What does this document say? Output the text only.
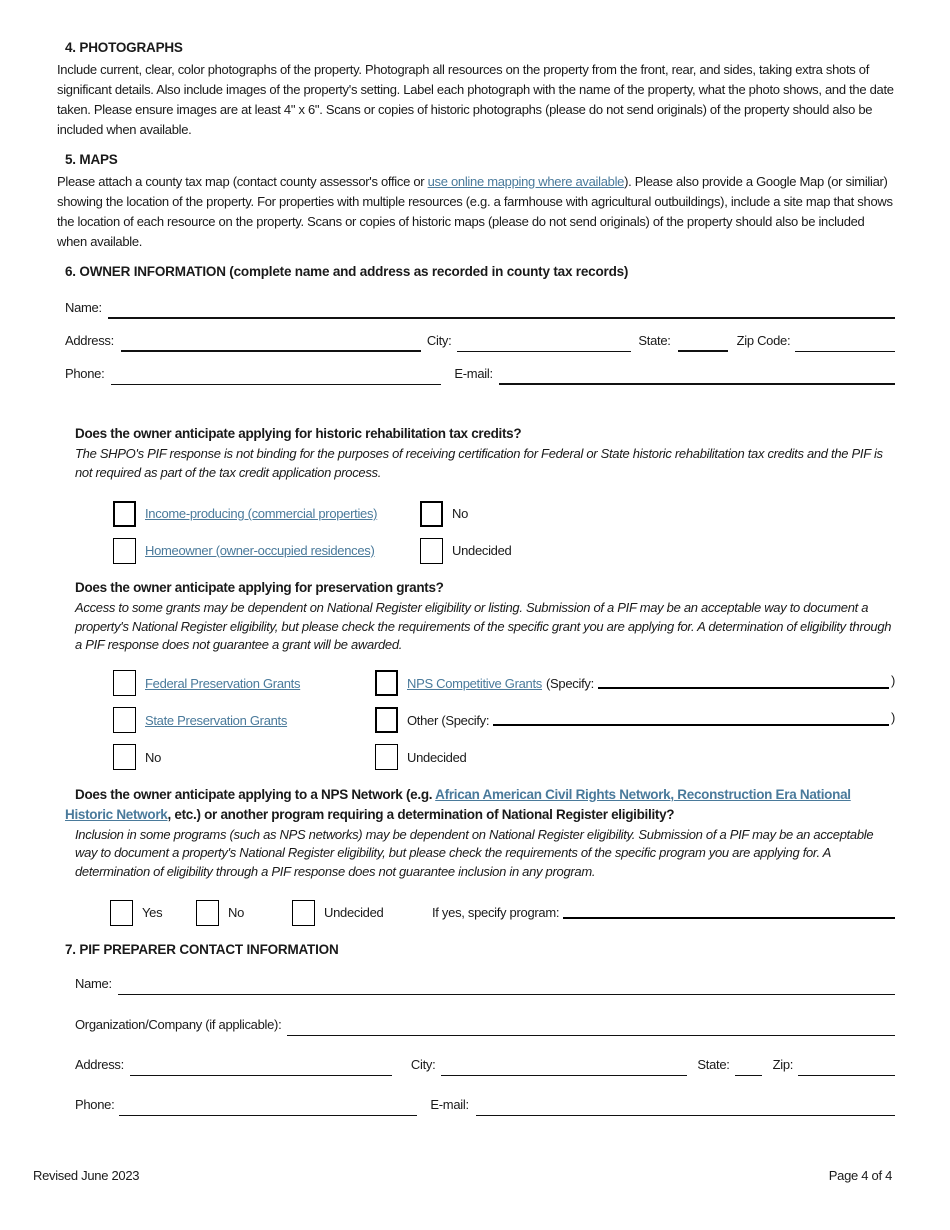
4. PHOTOGRAPHS
Include current, clear, color photographs of the property. Photograph all resources on the property from the front, rear, and sides, taking extra shots of significant details. Also include images of the property's setting. Label each photograph with the name of the property, what the photo shows, and the date taken. Please ensure images are at least 4" x 6". Scans or copies of historic photographs (please do not send originals) of the property should also be included when available.
5. MAPS
Please attach a county tax map (contact county assessor's office or use online mapping where available). Please also provide a Google Map (or similiar) showing the location of the property. For properties with multiple resources (e.g. a farmhouse with agricultural outbuildings), include a site map that shows the location of each resource on the property. Scans or copies of historic maps (please do not send originals) of the property should also be included when available.
6. OWNER INFORMATION (complete name and address as recorded in county tax records)
Name:
Address:	City:	State:	Zip Code:
Phone:	E-mail:
Does the owner anticipate applying for historic rehabilitation tax credits?
The SHPO's PIF response is not binding for the purposes of receiving certification for Federal or State historic rehabilitation tax credits and the PIF is not required as part of the tax credit application process.
Income-producing (commercial properties)	No
Homeowner (owner-occupied residences)	Undecided
Does the owner anticipate applying for preservation grants?
Access to some grants may be dependent on National Register eligibility or listing. Submission of a PIF may be an acceptable way to document a property's National Register eligibility, but please check the requirements of the specific grant you are applying for. A determination of eligibility through a PIF response does not guarantee a grant will be awarded.
Federal Preservation Grants	NPS Competitive Grants (Specify:	)
State Preservation Grants	Other (Specify:	)
No	Undecided
Does the owner anticipate applying to a NPS Network (e.g. African American Civil Rights Network, Reconstruction Era National Historic Network, etc.) or another program requiring a determination of National Register eligibility?
Inclusion in some programs (such as NPS networks) may be dependent on National Register eligibility. Submission of a PIF may be an acceptable way to document a property's National Register eligibility, but please check the requirements of the specific program you are applying for. A determination of eligibility through a PIF response does not guarantee inclusion in any program.
Yes	No	Undecided	If yes, specify program:
7. PIF PREPARER CONTACT INFORMATION
Name:
Organization/Company (if applicable):
Address:	City:	State:	Zip:
Phone:	E-mail:
Revised June 2023	Page 4 of 4
